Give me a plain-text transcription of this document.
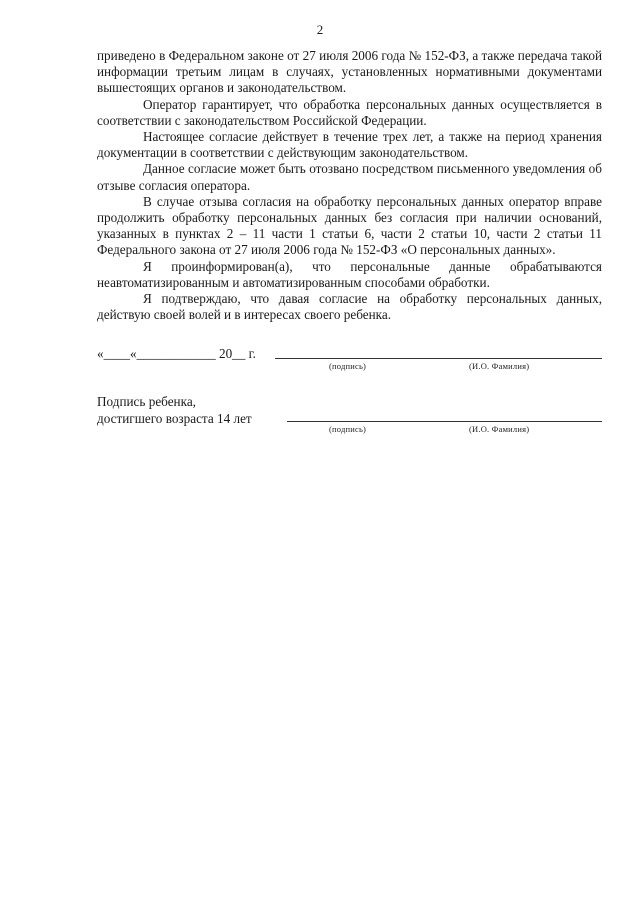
2

приведено в Федеральном законе от 27 июля 2006 года № 152-ФЗ, а также передача такой информации третьим лицам в случаях, установленных нормативными документами вышестоящих органов и законодательством.

Оператор гарантирует, что обработка персональных данных осуществляется в соответствии с законодательством Российской Федерации.

Настоящее согласие действует в течение трех лет, а также на период хранения документации в соответствии с действующим законодательством.

Данное согласие может быть отозвано посредством письменного уведомления об отзыве согласия оператора.

В случае отзыва согласия на обработку персональных данных оператор вправе продолжить обработку персональных данных без согласия при наличии оснований, указанных в пунктах 2 – 11 части 1 статьи 6, части 2 статьи 10, части 2 статьи 11 Федерального закона от 27 июля 2006 года № 152-ФЗ «О персональных данных».

Я проинформирован(а), что персональные данные обрабатываются неавтоматизированным и автоматизированным способами обработки.

Я подтверждаю, что давая согласие на обработку персональных данных, действую своей волей и в интересах своего ребенка.

«____«____________ 20__ г.
(подпись)	(И.О. Фамилия)
Подпись ребенка,
достигшего возраста 14 лет
(подпись)	(И.О. Фамилия)
